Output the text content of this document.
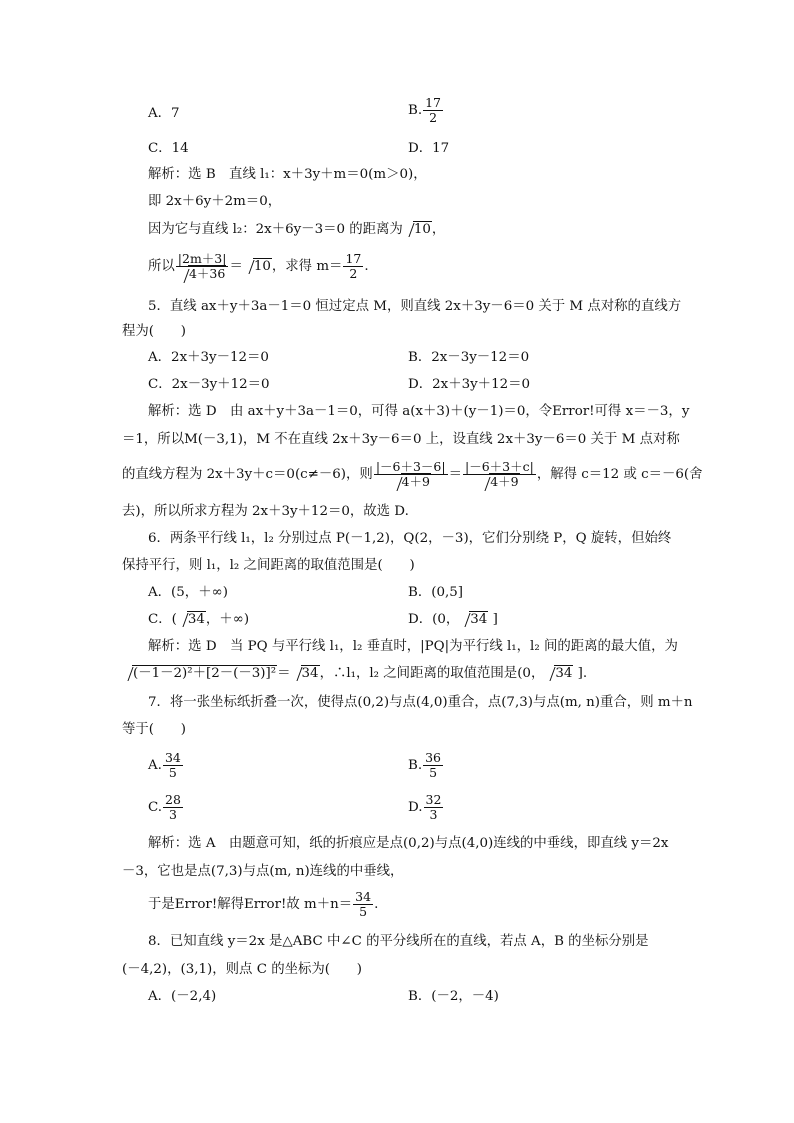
A．7	B. $\frac{17}{2}$
C．14	D．17
解析：选 B　直线 l₁：x＋3y＋m＝0(m＞0)，
即 2x＋6y＋2m＝0，
因为它与直线 l₂：2x＋6y－3＝0 的距离为 10，
所以 $\frac{|2m+3|}{4+36} = 10$，求得 $m= \frac{17}{2}$ .
5．直线 ax＋y＋3a－1＝0 恒过定点 M，则直线 2x＋3y－6＝0 关于 M 点对称的直线方
程为(　　)
A．2x＋3y－12＝0	B．2x－3y－12＝0
C．2x－3y＋12＝0	D．2x＋3y＋12＝0
解析：选 D　由 ax＋y＋3a－1＝0，可得 a(x＋3)＋(y－1)＝0，令Error!可得 x＝－3，y
＝1，所以M(－3,1)，M 不在直线 2x＋3y－6＝0 上，设直线 2x＋3y－6＝0 关于 M 点对称
的直线方程为 2x＋3y＋c＝0(c≠－6)，则 $\frac{|-6+3-6|}{4+9} = \frac{|-6+3+c|}{4+9}$ ，解得 c＝12 或 c＝－6(舍
去)，所以所求方程为 2x＋3y＋12＝0，故选 D.
6．两条平行线 l₁，l₂ 分别过点 P(－1,2)，Q(2，－3)，它们分别绕 P，Q 旋转，但始终
保持平行，则 l₁，l₂ 之间距离的取值范围是(　　)
A．(5，＋∞)	B．(0,5]
C．( 34，＋∞)	D．(0， 34 ]
解析：选 D　当 PQ 与平行线 l₁，l₂ 垂直时，|PQ|为平行线 l₁，l₂ 间的距离的最大值，为
(－1－2)²＋[2－(－3)]²＝ 34，∴l₁，l₂ 之间距离的取值范围是(0， 34 ].
7．将一张坐标纸折叠一次，使得点(0,2)与点(4,0)重合，点(7,3)与点(m, n)重合，则 m＋n
等于(　　)
A. $\frac{34}{5}$	B. $\frac{36}{5}$
C. $\frac{28}{3}$	D. $\frac{32}{3}$
解析：选 A　由题意可知，纸的折痕应是点(0,2)与点(4,0)连线的中垂线，即直线 y＝2x
－3，它也是点(7,3)与点(m, n)连线的中垂线，
于是Error!解得Error!故 $m+n= \frac{34}{5}$ .
8．已知直线 y＝2x 是△ABC 中∠C 的平分线所在的直线，若点 A，B 的坐标分别是
(－4,2)，(3,1)，则点 C 的坐标为(　　)
A．(－2,4)	B．(－2，－4)
